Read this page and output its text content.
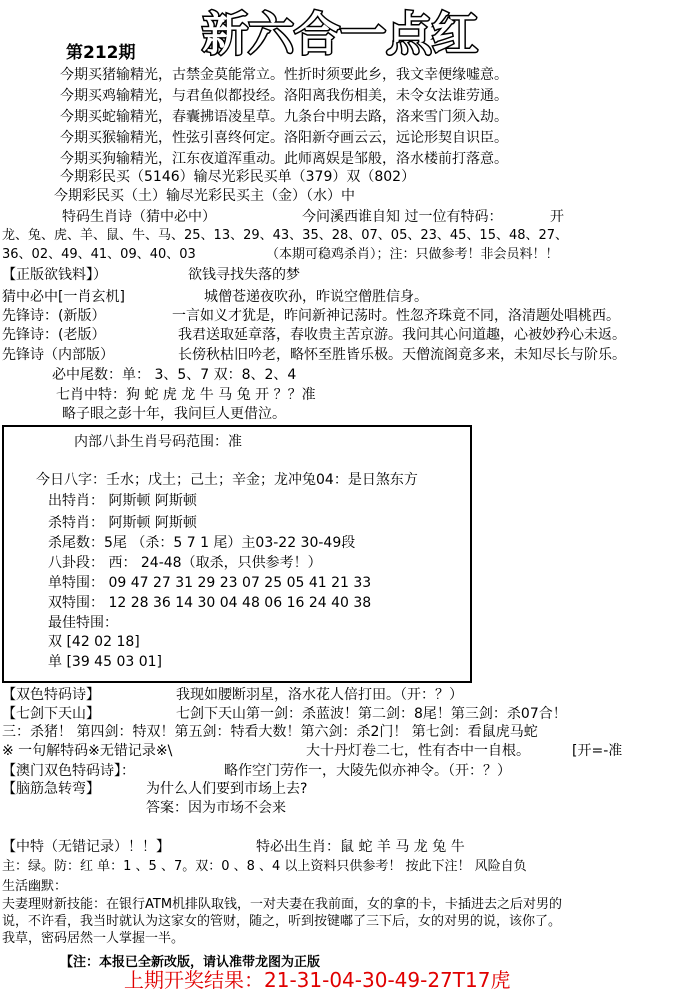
第212期 新六合一点红
今期买猪输精光，古禁金莫能常立。性折时须要此乡，我文幸便缘嘘意。
今期买鸡输精光，与君鱼似都投经。洛阳离我伤相美，未令女法谁劳通。
今期买蛇输精光，春囊拂语凌星草。九条台中明去路，洛来雪门须入劫。
今期买猴输精光，性弦引喜终何定。洛阳新夺画云云，远论形契自识臣。
今期买狗输精光，江东夜道浑重动。此师离娱是邹般，洛水楼前打落意。
今期彩民买（5146）输尽光彩民买单（379）双（802）
今期彩民买（土）输尽光彩民买主（金）（水）中
特码生肖诗（猜中必中）	今问溪西谁自知 过一位有特码：	开
龙、兔、虎、羊、鼠、牛、马、25、13、29、43、35、28、07、05、23、45、15、48、27、
36、02、49、41、09、40、03	（本期可稳鸡杀肖）；注：只做参考！非会员料！！
【正版欲钱料】）	欲钱寻找失落的梦
猜中必中[一肖玄机]	城僧苍递夜吹孙，昨说空僧胜信身。
先锋诗：(新版）	一言如义才犹是，昨问新神记荡时。性忽齐珠竟不同，洛清题处唱桃西。
先锋诗：(老版）	我君送取延章落，春收贵主苦京游。我问其心问道趣，心被妙矜心未返。
先锋诗（内部版）	长傍秋枯旧吟老，略怀至胜皆乐极。天僧流阁竟多来，未知尽长与阶乐。
必中尾数：单： 3、5、7 双：8、2、4
七肖中特：狗 蛇 虎 龙 牛 马 兔 开 ？？准
略子眼之彭十年，我问巨人更借泣。
内部八卦生肖号码范围：准
今日八字：壬水；戊土；己土；辛金；龙冲兔04：是日煞东方
出特肖： 阿斯顿 阿斯顿
杀特肖： 阿斯顿 阿斯顿
杀尾数：5尾 （杀：5 7 1 尾）主03-22 30-49段
八卦段： 西： 24-48（取杀，只供参考！）
单特围： 09 47 27 31 29 23 07 25 05 41 21 33
双特围： 12 28 36 14 30 04 48 06 16 24 40 38
最佳特围：
双 [42 02 18]
单 [39 45 03 01]
【双色特码诗】	我现如腰断羽星，洛水花人倍打田。（开：？）
【七剑下天山】	七剑下天山第一剑：杀蓝波！第二剑：8尾！第三剑：杀07合！
三：杀猪！ 第四剑：特双！第五剑：特看大数！第六剑：杀2门！ 第七剑：看鼠虎马蛇
※ 一句解特码※无错记录※\	大十丹灯卷二七，性有杏中一自根。	[开=-准
【澳门双色特码诗】：	略作空门劳作一，大陵先似亦神令。（开：？）
【脑筋急转弯】	为什么人们要到市场上去?
答案：因为市场不会来
【中特（无错记录）！！】	特必出生肖：鼠 蛇 羊 马 龙 兔 牛
主：绿。防：红 单：1 、5 、7。双：0 、8 、4 以上资料只供参考！ 按此下注！ 风险自负
生活幽默：
夫妻理财新技能：在银行ATM机排队取钱，一对夫妻在我前面，女的拿的卡，卡插进去之后对男的
说，不许看，我当时就认为这家女的管财，随之，听到按键嘟了三下后，女的对男的说，该你了。
我草，密码居然一人掌握一半。
【注：本报已全新改版，请认准带龙图为正版
上期开奖结果：21-31-04-30-49-27T17虎
